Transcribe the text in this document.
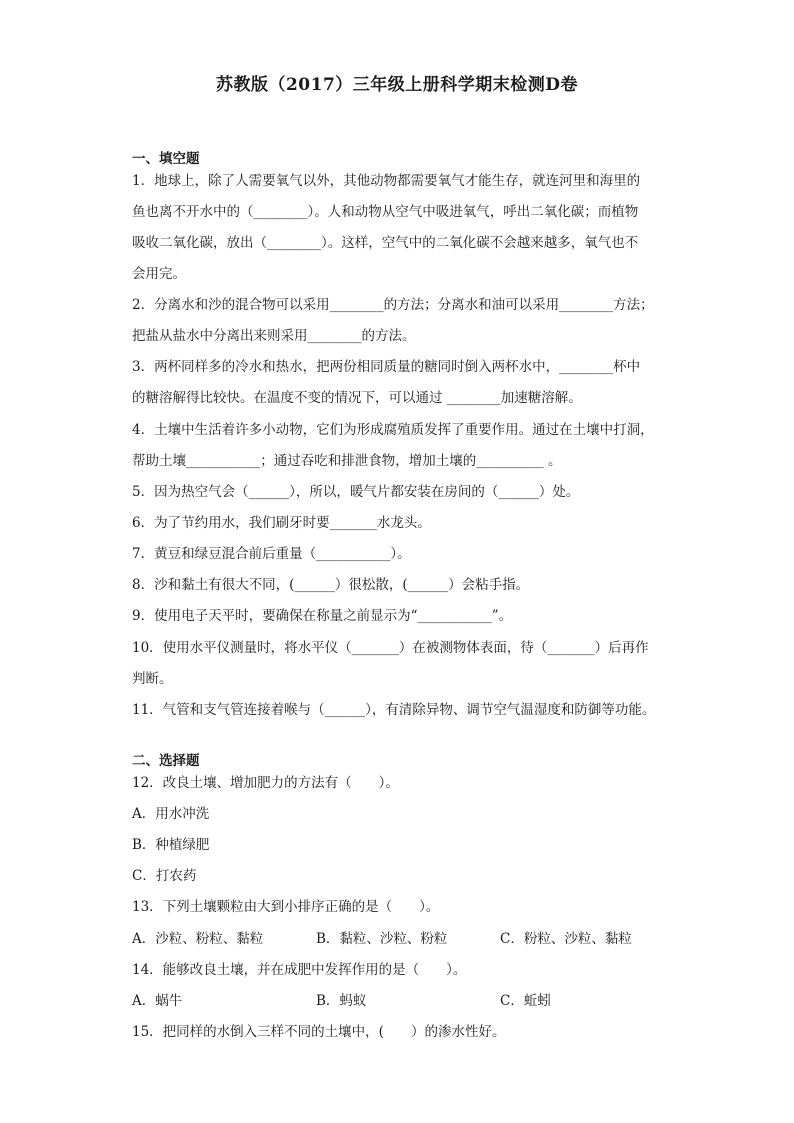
苏教版（2017）三年级上册科学期末检测D卷
一、填空题
1．地球上，除了人需要氧气以外，其他动物都需要氧气才能生存，就连河里和海里的
鱼也离不开水中的（________）。人和动物从空气中吸进氧气，呼出二氧化碳；而植物
吸收二氧化碳，放出（________）。这样，空气中的二氧化碳不会越来越多，氧气也不
会用完。
2．分离水和沙的混合物可以采用________的方法；分离水和油可以采用________方法；
把盐从盐水中分离出来则采用________的方法。
3．两杯同样多的冷水和热水，把两份相同质量的糖同时倒入两杯水中，________杯中
的糖溶解得比较快。在温度不变的情况下，可以通过 ________加速糖溶解。
4．土壤中生活着许多小动物，它们为形成腐殖质发挥了重要作用。通过在土壤中打洞，
帮助土壤___________；通过吞吃和排泄食物，增加土壤的__________ 。
5．因为热空气会（______），所以，暖气片都安装在房间的（______）处。
6．为了节约用水，我们刷牙时要_______水龙头。
7．黄豆和绿豆混合前后重量（___________）。
8．沙和黏土有很大不同，(______）很松散，(______）会粘手指。
9．使用电子天平时，要确保在称量之前显示为“___________”。
10．使用水平仪测量时，将水平仪（_______）在被测物体表面，待（_______）后再作
判断。
11．气管和支气管连接着喉与（______），有清除异物、调节空气温湿度和防御等功能。
二、选择题
12．改良土壤、增加肥力的方法有（　　）。
A．用水冲洗
B．种植绿肥
C．打农药
13．下列土壤颗粒由大到小排序正确的是（　　）。
A．沙粒、粉粒、黏粒	B．黏粒、沙粒、粉粒	C．粉粒、沙粒、黏粒
14．能够改良土壤，并在成肥中发挥作用的是（　　）。
A．蜗牛	B．蚂蚁	C．蚯蚓
15．把同样的水倒入三样不同的土壤中，(　　）的渗水性好。
